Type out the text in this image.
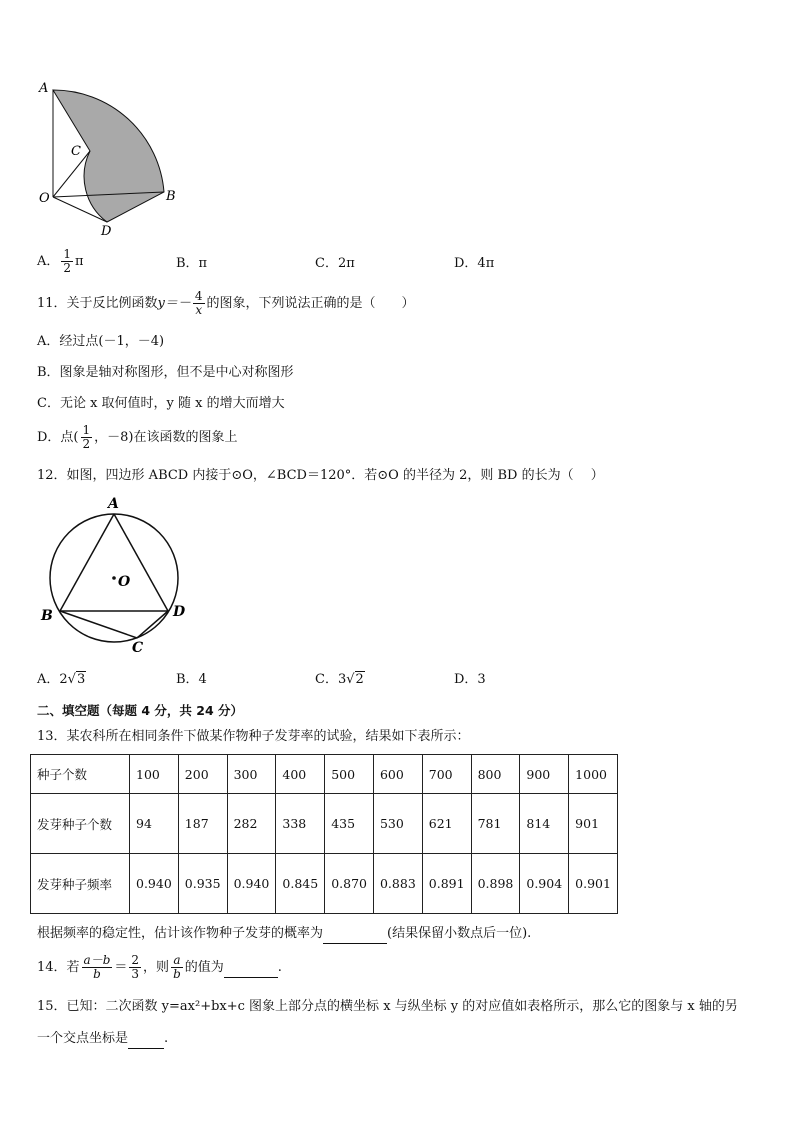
A
C
O	B
D
A． $\frac{1}{2}$ π	B．π	C．2π	D．4π
11．关于反比例函数$y=- \frac{4}{x}$ 的图象，下列说法正确的是（　　）
A．经过点(－1，－4)
B．图象是轴对称图形，但不是中心对称图形
C．无论 x 取何值时，y 随 x 的增大而增大
D．点( $\frac{1}{2}$ ，－8)在该函数的图象上
12．如图，四边形 ABCD 内接于⊙O，∠BCD＝120°．若⊙O 的半径为 2，则 BD 的长为（　 ）
A
O
B	D
C
A．2√3	B．4	C．3√2	D．3
二、填空题（每题 4 分，共 24 分）
13．某农科所在相同条件下做某作物种子发芽率的试验，结果如下表所示：
种子个数	100	200	300	400	500	600	700	800	900	1000
发芽种子个数	94	187	282	338	435	530	621	781	814	901
发芽种子频率	0.940	0.935	0.940	0.845	0.870	0.883	0.891	0.898	0.904	0.901
根据频率的稳定性，估计该作物种子发芽的概率为	(结果保留小数点后一位).
14．若 $\frac{a-b}{b} = \frac{2}{3}$ ，则 $\frac{a}{b}$ 的值为	.
15．已知：二次函数 y=ax²+bx+c 图象上部分点的横坐标 x 与纵坐标 y 的对应值如表格所示，那么它的图象与 x 轴的另
一个交点坐标是	.
